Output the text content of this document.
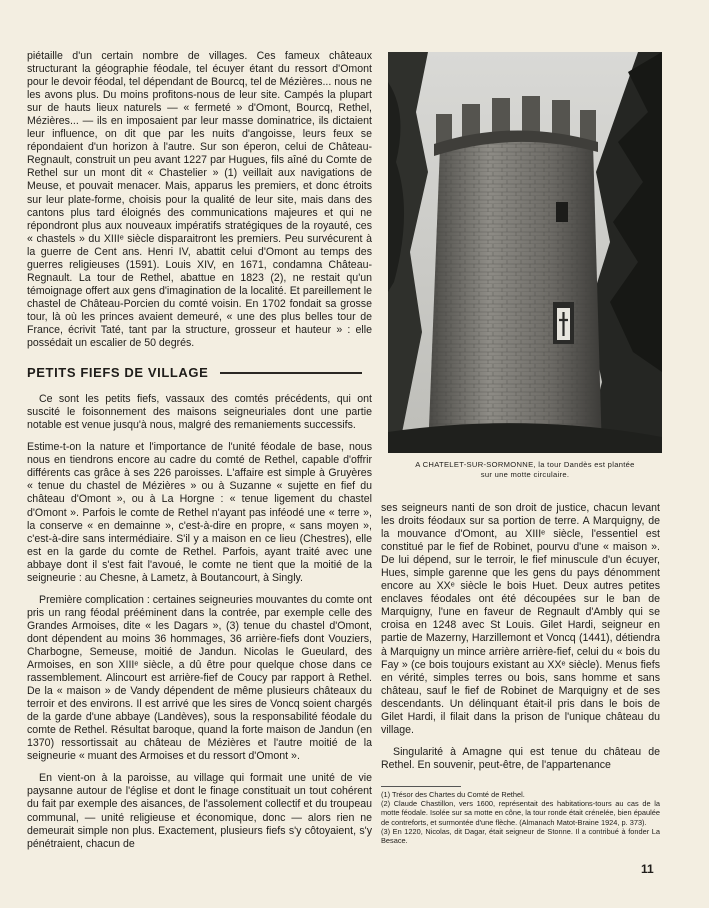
piétaille d'un certain nombre de villages. Ces fameux châteaux structurant la géographie féodale, tel écuyer étant du ressort d'Omont pour le devoir féodal, tel dépendant de Bourcq, tel de Mézières... nous ne les avons plus. Du moins profitons-nous de leur site. Campés la plupart sur de hauts lieux naturels — « fermeté » d'Omont, Bourcq, Rethel, Mézières... — ils en imposaient par leur masse dominatrice, ils dictaient leur influence, on dit que par les nuits d'angoisse, leurs feux se répondaient d'un horizon à l'autre. Sur son éperon, celui de Château-Regnault, construit un peu avant 1227 par Hugues, fils aîné du Comte de Rethel sur un mont dit « Chastelier » (1) veillait aux navigations de Meuse, et pouvait menacer. Mais, apparus les premiers, et donc étroits sur leur plate-forme, choisis pour la qualité de leur site, mais dans des cantons plus tard éloignés des communications majeures et qui ne répondront plus aux nouveaux impératifs stratégiques de la royauté, ces « chastels » du XIIIᵉ siècle disparaitront les premiers. Peu survécurent à la guerre de Cent ans. Henri IV, abattit celui d'Omont au temps des guerres religieuses (1591). Louis XIV, en 1671, condamna Château-Regnault. La tour de Rethel, abattue en 1823 (2), ne restait qu'un témoignage offert aux gens d'imagination de la localité. Et pareillement le chastel de Château-Porcien du comté voisin. En 1702 fondait sa grosse tour, là où les princes avaient demeuré, « une des plus belles tour de France, écrivit Taté, tant par la structure, grosseur et hauteur » : elle possédait un escalier de 50 degrés.

PETITS FIEFS DE VILLAGE

Ce sont les petits fiefs, vassaux des comtés précédents, qui ont suscité le foisonnement des maisons seigneuriales dont une partie notable est venue jusqu'à nous, malgré des remaniements successifs.

Estime-t-on la nature et l'importance de l'unité féodale de base, nous nous en tiendrons encore au cadre du comté de Rethel, capable d'offrir différents cas grâce à ses 226 paroisses. L'affaire est simple à Gruyères « tenue du chastel de Mézières » ou à Suzanne « sujette en fief du château d'Omont », ou à La Horgne : « tenue ligement du chastel d'Omont ». Parfois le comte de Rethel n'ayant pas inféodé une « terre », la conserve « en demainne », c'est-à-dire en propre, « sans moyen », c'est-à-dire sans intermédiaire. S'il y a maison en ce lieu (Chestres), elle est en la garde du comte de Rethel. Parfois, ayant traité avec une abbaye dont il s'est fait l'avoué, le comte ne tient que la moitié de la seigneurie : au Chesne, à Lametz, à Boutancourt, à Singly.

Première complication : certaines seigneuries mouvantes du comte ont pris un rang féodal prééminent dans la contrée, par exemple celle des Grandes Armoises, dite « les Dagars », (3) tenue du chastel d'Omont, dont dépendent au moins 36 hommages, 36 arrière-fiefs dont Vouziers, Charbogne, Semeuse, moitié de Jandun. Nicolas le Gueulard, des Armoises, en son XIIIᵉ siècle, a dû être pour quelque chose dans ce rassemblement. Alincourt est arrière-fief de Coucy par rapport à Rethel. De la « maison » de Vandy dépendent de même plusieurs châteaux du terroir et des environs. Il est arrivé que les sires de Voncq soient chargés de la garde d'une abbaye (Landèves), sous la responsabilité féodale du comte de Rethel. Résultat baroque, quand la forte maison de Jandun (en 1370) ressortissait au château de Mézières et l'autre moitié de la seigneurie « muant des Armoises et du ressort d'Omont ».

En vient-on à la paroisse, au village qui formait une unité de vie paysanne autour de l'église et dont le finage constituait un tout cohérent du fait par exemple des aisances, de l'assolement collectif et du troupeau communal, — unité religieuse et économique, donc — alors rien ne demeurait simple non plus. Exactement, plusieurs fiefs s'y côtoyaient, s'y pénétraient, chacun de

A CHATELET-SUR-SORMONNE, la tour Dandès est plantée
sur une motte circulaire.

ses seigneurs nanti de son droit de justice, chacun levant les droits féodaux sur sa portion de terre. A Marquigny, de la mouvance d'Omont, au XIIIᵉ siècle, l'essentiel est constitué par le fief de Robinet, pourvu d'une « maison ». De lui dépend, sur le terroir, le fief minuscule d'un écuyer, Hues, simple garenne que les gens du pays dénomment encore au XXᵉ siècle le bois Huet. Deux autres petites enclaves féodales ont été découpées sur le ban de Marquigny, l'une en faveur de Regnault d'Ambly qui se croisa en 1248 avec St Louis. Gilet Hardi, seigneur en partie de Mazerny, Harzillemont et Voncq (1441), détiendra à Marquigny un mince arrière arrière-fief, celui du « bois du Fay » (ce bois toujours existant au XXᵉ siècle). Menus fiefs en vérité, simples terres ou bois, sans homme et sans château, sauf le fief de Robinet de Marquigny et de ses descendants. Un délinquant était-il pris dans le bois de Gilet Hardi, il filait dans la prison de l'unique château du village.

Singularité à Amagne qui est tenue du château de Rethel. En souvenir, peut-être, de l'appartenance

(1) Trésor des Chartes du Comté de Rethel.

(2) Claude Chastillon, vers 1600, représentait des habitations-tours au cas de la motte féodale. Isolée sur sa motte en cône, la tour ronde était crénelée, bien épaulée de contreforts, et surmontée d'une flèche. (Almanach Matot-Braine 1924, p. 373).

(3) En 1220, Nicolas, dit Dagar, était seigneur de Stonne. Il a contribué à fonder La Besace.

11
